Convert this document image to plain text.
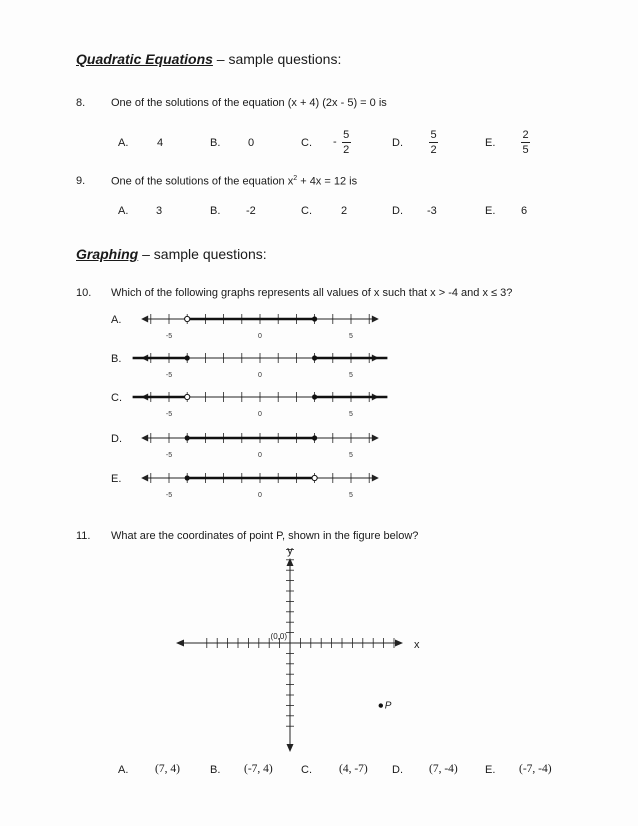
Quadratic Equations – sample questions:
8. One of the solutions of the equation (x + 4) (2x - 5) = 0 is
A.	4	B.	0	C. - $\frac{5}{2}$	D. $\frac{5}{2}$	E. $\frac{2}{5}$
9. One of the solutions of the equation $x^2 + 4x = 12$ is
A.	3	B. -2	C.	2	D. -3	E. 6
Graphing – sample questions:
10. Which of the following graphs represents all values of x such that x > -4 and x ≤ 3?
A.
-5	0	5
B.
-5	0	5
C.
-5	0	5
D.
-5	0	5
E.
-5	0	5
11. What are the coordinates of point P, shown in the figure below?
y
x
(0,0)
P
A. (7, 4)	B. (-7, 4)	C. (4, -7) D. (7, -4) E. (-7, -4)
